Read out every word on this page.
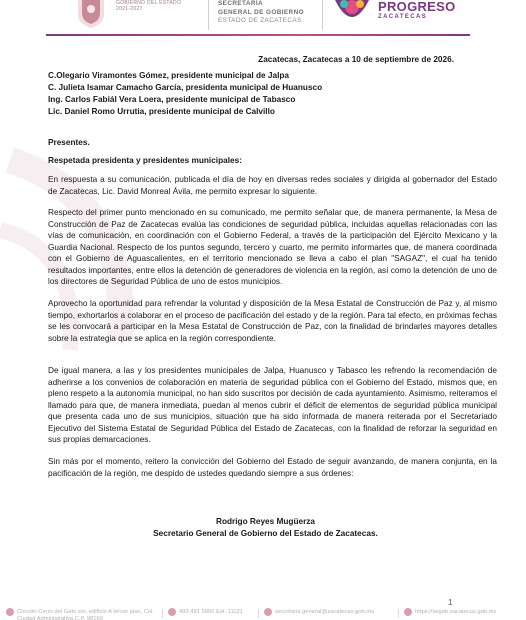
GOBIERNO DEL ESTADO
2021-2027
SECRETARÍA
GENERAL DE GOBIERNO
ESTADO DE ZACATECAS
PROGRESO
ZACATECAS
Zacatecas, Zacatecas a 10 de septiembre de 2026.
C.Olegario Viramontes Gómez, presidente municipal de Jalpa
C. Julieta Isamar Camacho García, presidenta municipal de Huanusco
Ing. Carlos Fabiál Vera Loera, presidente municipal de Tabasco
Lic. Daniel Romo Urrutia, presidente municipal de Calvillo
Presentes.
Respetada presidenta y presidentes municipales:

En respuesta a su comunicación, publicada el día de hoy en diversas redes sociales y dirigida al gobernador del Estado de Zacatecas, Lic. David Monreal Ávila, me permito expresar lo siguiente.

Respecto del primer punto mencionado en su comunicado, me permito señalar que, de manera permanente, la Mesa de Construcción de Paz de Zacatecas evalúa las condiciones de seguridad pública, incluidas aquellas relacionadas con las vías de comunicación, en coordinación con el Gobierno Federal, a través de la participación del Ejército Mexicano y la Guardia Nacional. Respecto de los puntos segundo, tercero y cuarto, me permito informarles que, de manera coordinada con el Gobierno de Aguascalientes, en el territorio mencionado se lleva a cabo el plan "SAGAZ", el cual ha tenido resultados importantes, entre ellos la detención de generadores de violencia en la región, así como la detención de uno de los directores de Seguridad Pública de uno de estos municipios.

Aprovecho la oportunidad para refrendar la voluntad y disposición de la Mesa Estatal de Construcción de Paz y, al mismo tiempo, exhortarlos a colaborar en el proceso de pacificación del estado y de la región. Para tal efecto, en próximas fechas se les convocará a participar en la Mesa Estatal de Construcción de Paz, con la finalidad de brindarles mayores detalles sobre la estrategia que se aplica en la región correspondiente.

De igual manera, a las y los presidentes municipales de Jalpa, Huanusco y Tabasco les refrendo la recomendación de adherirse a los convenios de colaboración en materia de seguridad pública con el Gobierno del Estado, mismos que, en pleno respeto a la autonomía municipal, no han sido suscritos por decisión de cada ayuntamiento. Asimismo, reiteramos el llamado para que, de manera inmediata, puedan al menos cubrir el déficit de elementos de seguridad pública municipal que presenta cada uno de sus municipios, situación que ha sido informada de manera reiterada por el Secretariado Ejecutivo del Sistema Estatal de Seguridad Pública del Estado de Zacatecas, con la finalidad de reforzar la seguridad en sus propias demarcaciones.

Sin más por el momento, reitero la convicción del Gobierno del Estado de seguir avanzando, de manera conjunta, en la pacificación de la región, me despido de ustedes quedando siempre a sus órdenes:

Rodrigo Reyes Mugüerza
Secretario General de Gobierno del Estado de Zacatecas.
1
Circuito Cerro del Gato s/n, edificio A tercer piso, Col. Ciudad Administrativa C.P. 98160
492 491 5000 Ext. 11121	secretaria.general@zacatecas.gob.mx	https://segob.zacatecas.gob.mx
